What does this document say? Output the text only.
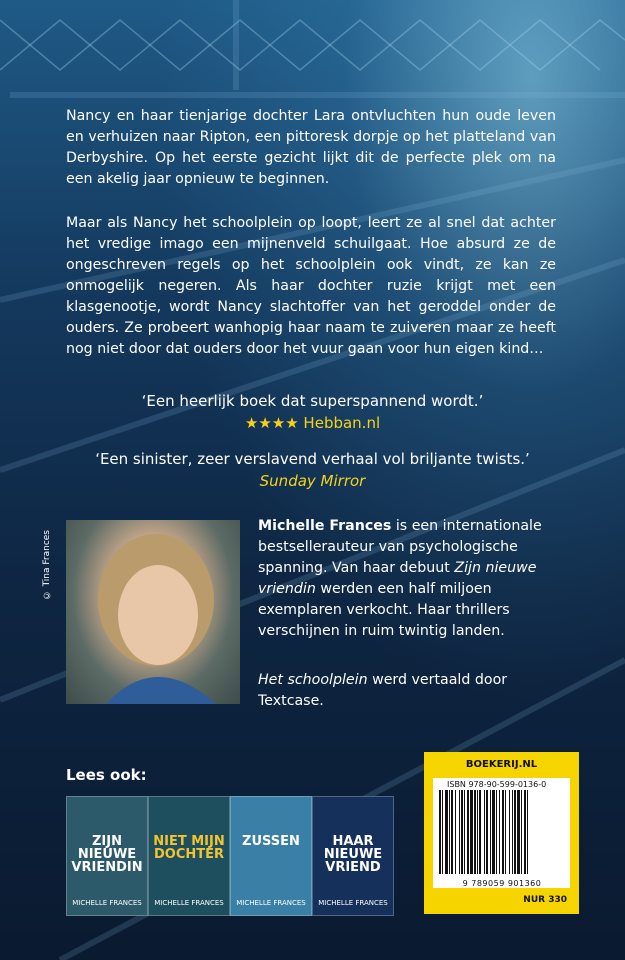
Nancy en haar tienjarige dochter Lara ontvluchten hun oude leven en verhuizen naar Ripton, een pittoresk dorpje op het platteland van Derbyshire. Op het eerste gezicht lijkt dit de perfecte plek om na een akelig jaar opnieuw te beginnen.

Maar als Nancy het schoolplein op loopt, leert ze al snel dat achter het vredige imago een mijnenveld schuilgaat. Hoe absurd ze de ongeschreven regels op het schoolplein ook vindt, ze kan ze onmogelijk negeren. Als haar dochter ruzie krijgt met een klasgenootje, wordt Nancy slachtoffer van het geroddel onder de ouders. Ze probeert wanhopig haar naam te zuiveren maar ze heeft nog niet door dat ouders door het vuur gaan voor hun eigen kind…

‘Een heerlijk boek dat superspannend wordt.’

★★★★ Hebban.nl

‘Een sinister, zeer verslavend verhaal vol briljante twists.’

Sunday Mirror

© Tina Frances

Michelle Frances is een internationale bestsellerauteur van psychologische spanning. Van haar debuut Zijn nieuwe vriendin werden een half miljoen exemplaren verkocht. Haar thrillers verschijnen in ruim twintig landen.

Het schoolplein werd vertaald door Textcase.

Lees ook:
ZIJN NIEUWE VRIENDIN
MICHELLE FRANCES
NIET MIJN DOCHTER
MICHELLE FRANCES
ZUSSEN
MICHELLE FRANCES
HAAR NIEUWE VRIEND
MICHELLE FRANCES
BOEKERIJ.NL
ISBN 978-90-599-0136-0
9 789059 901360
NUR 330
